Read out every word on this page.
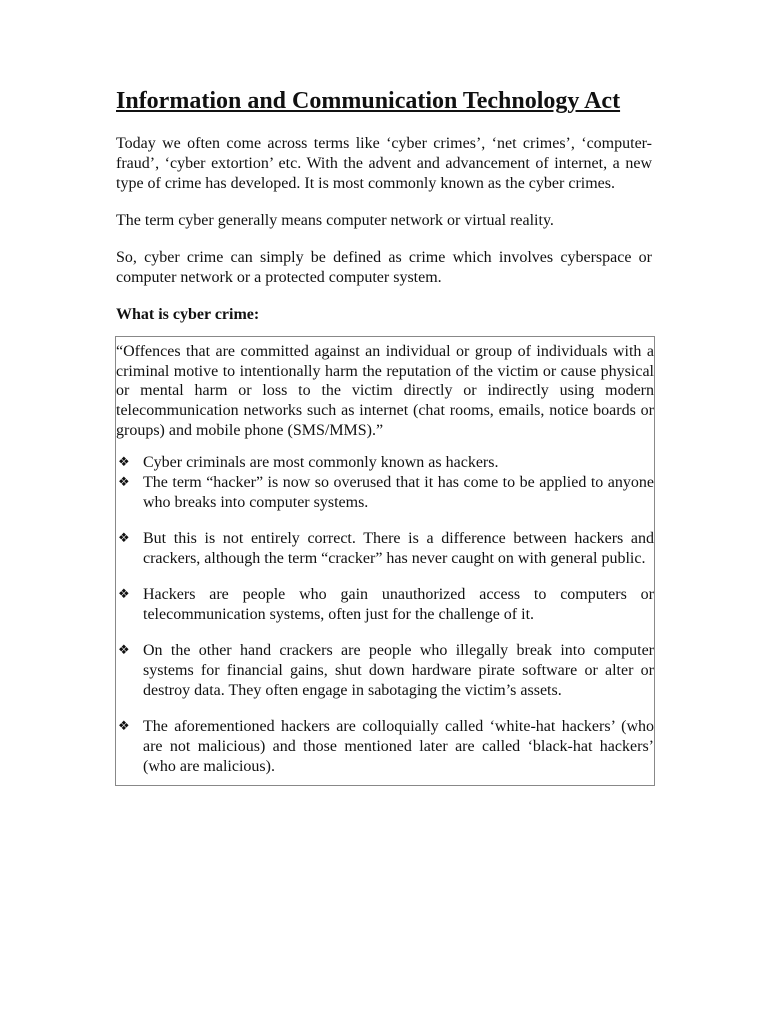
Information and Communication Technology Act

Today we often come across terms like ‘cyber crimes’, ‘net crimes’, ‘computer-fraud’, ‘cyber extortion’ etc. With the advent and advancement of internet, a new type of crime has developed. It is most commonly known as the cyber crimes.

The term cyber generally means computer network or virtual reality.

So, cyber crime can simply be defined as crime which involves cyberspace or computer network or a protected computer system.

What is cyber crime:
“Offences that are committed against an individual or group of individuals with a criminal motive to intentionally harm the reputation of the victim or cause physical or mental harm or loss to the victim directly or indirectly using modern telecommunication networks such as internet (chat rooms, emails, notice boards or groups) and mobile phone (SMS/MMS).”
❖ Cyber criminals are most commonly known as hackers.
❖ The term “hacker” is now so overused that it has come to be applied to anyone who breaks into computer systems.
❖ But this is not entirely correct. There is a difference between hackers and crackers, although the term “cracker” has never caught on with general public.
❖ Hackers are people who gain unauthorized access to computers or telecommunication systems, often just for the challenge of it.
❖ On the other hand crackers are people who illegally break into computer systems for financial gains, shut down hardware pirate software or alter or destroy data. They often engage in sabotaging the victim’s assets.
❖ The aforementioned hackers are colloquially called ‘white-hat hackers’ (who are not malicious) and those mentioned later are called ‘black-hat hackers’ (who are malicious).
